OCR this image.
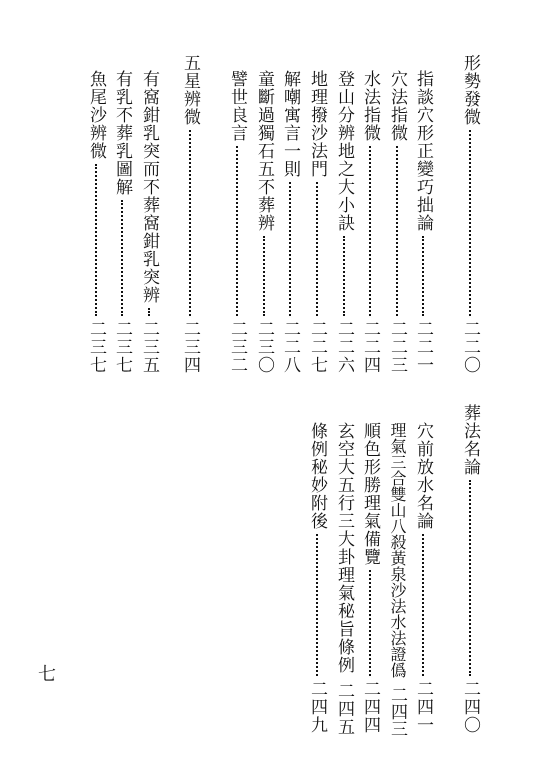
形勢發微
二二〇
指談穴形正變巧拙論
二二一
穴法指微
二二三
水法指微
二二四
登山分辨地之大小訣
二二六
地理撥沙法門
二二七
解嘲寓言一則
二二八
童斷過獨石五不葬辨
二三〇
譬世良言
二三二
五星辨微
二三四
有窩鉗乳突而不葬窩鉗乳突辨
二三五
有乳不葬乳圖解
二三七
魚尾沙辨微
二三七
葬法名論
二四〇
穴前放水名論
二四一
理氣三合雙山八殺黃泉沙法水法證僞
二四三
順色形勝理氣備覽
二四四
玄空大五行三大卦理氣秘旨條例
二四五
條例秘妙附後
二四九
七
